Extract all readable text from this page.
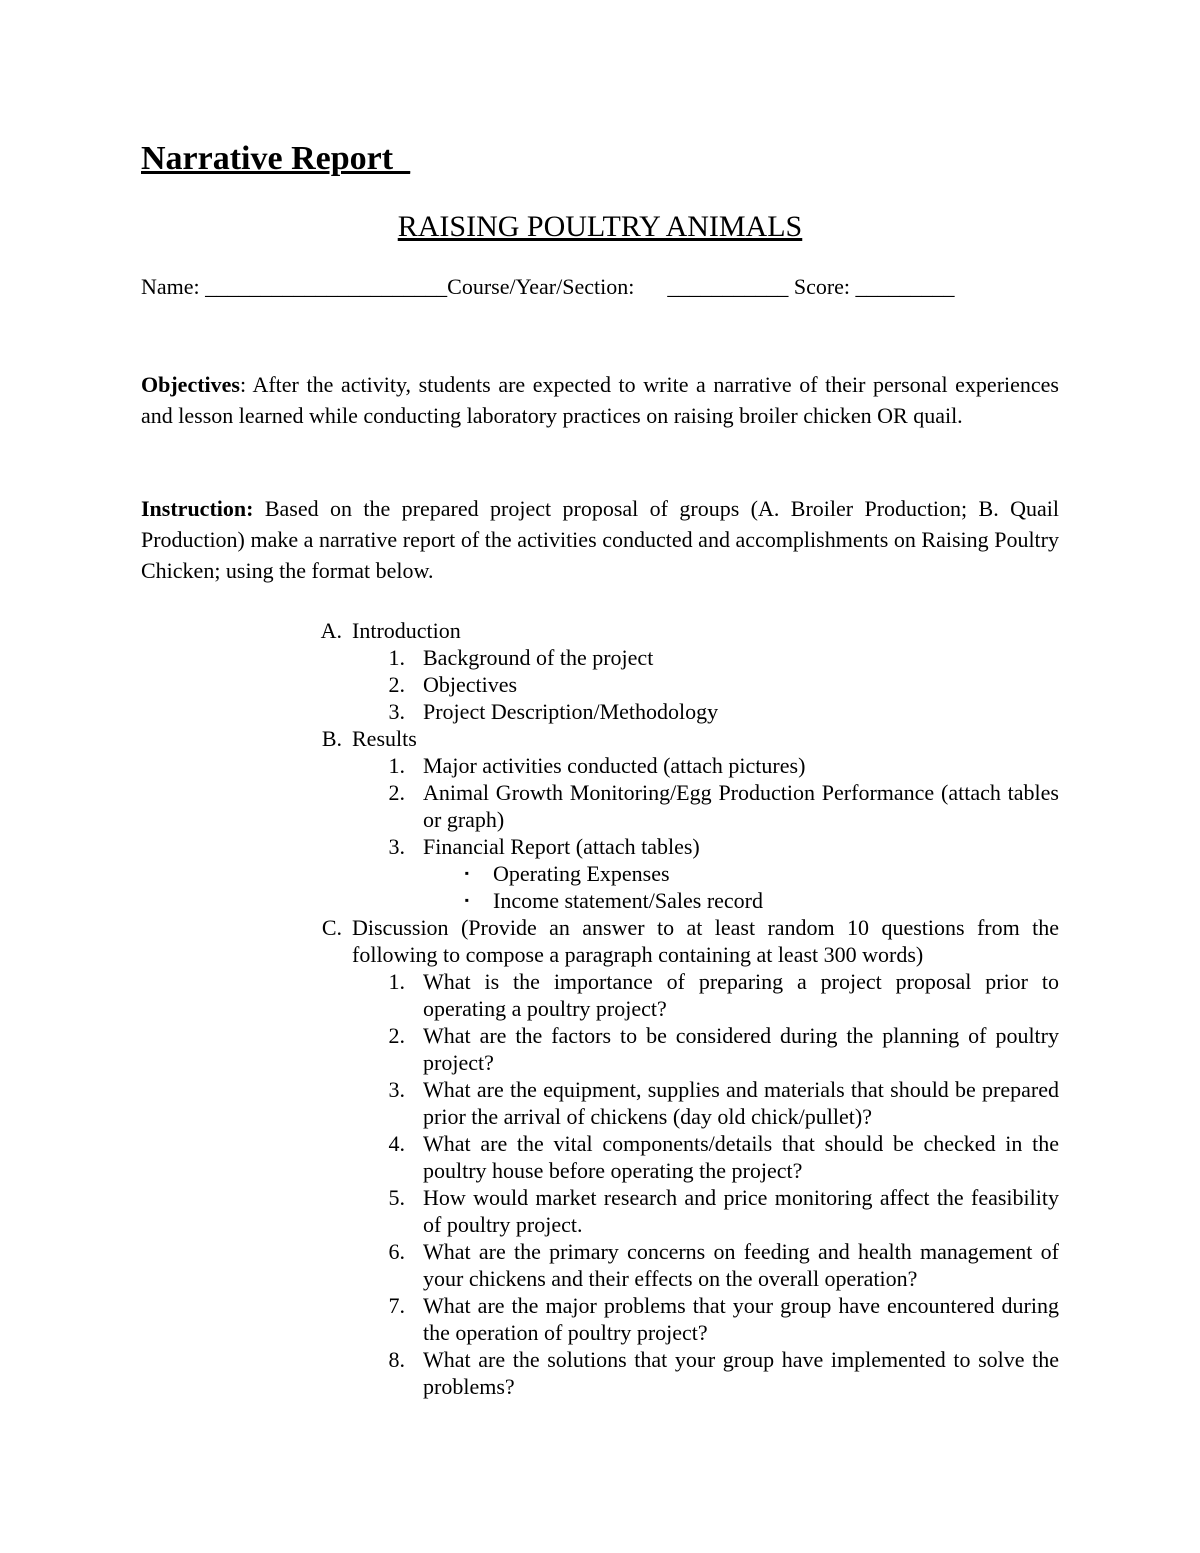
Narrative Report_
RAISING POULTRY ANIMALS
Name: ______________________Course/Year/Section:      ___________ Score: _________

Objectives: After the activity, students are expected to write a narrative of their personal experiences and lesson learned while conducting laboratory practices on raising broiler chicken OR quail.

Instruction: Based on the prepared project proposal of groups (A. Broiler Production; B. Quail Production) make a narrative report of the activities conducted and accomplishments on Raising Poultry Chicken; using the format below.

A. Introduction
1. Background of the project
2. Objectives
3. Project Description/Methodology
B. Results
1. Major activities conducted (attach pictures)
2. Animal Growth Monitoring/Egg Production Performance (attach tables or graph)
3. Financial Report (attach tables)
▪ Operating Expenses
▪ Income statement/Sales record
C. Discussion (Provide an answer to at least random 10 questions from the following to compose a paragraph containing at least 300 words)
1. What is the importance of preparing a project proposal prior to operating a poultry project?
2. What are the factors to be considered during the planning of poultry project?
3. What are the equipment, supplies and materials that should be prepared prior the arrival of chickens (day old chick/pullet)?
4. What are the vital components/details that should be checked in the poultry house before operating the project?
5. How would market research and price monitoring affect the feasibility of poultry project.
6. What are the primary concerns on feeding and health management of your chickens and their effects on the overall operation?
7. What are the major problems that your group have encountered during the operation of poultry project?
8. What are the solutions that your group have implemented to solve the problems?
